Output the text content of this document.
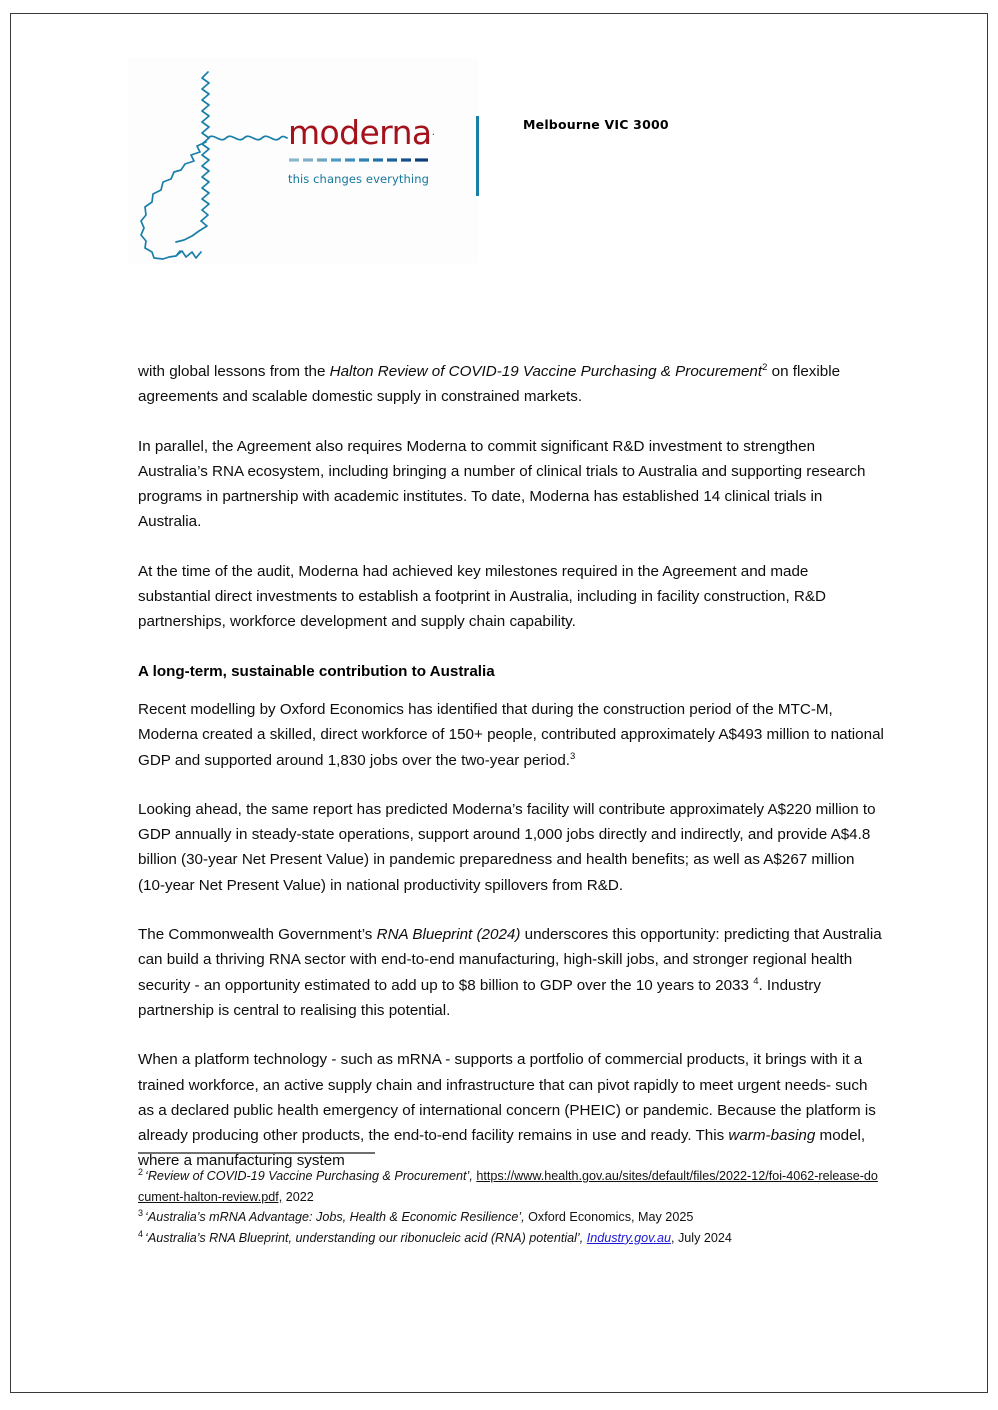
moderna·
this changes everything
Melbourne VIC 3000

with global lessons from the Halton Review of COVID-19 Vaccine Purchasing & Procurement$^2$ on flexible agreements and scalable domestic supply in constrained markets.

In parallel, the Agreement also requires Moderna to commit significant R&D investment to strengthen Australia’s RNA ecosystem, including bringing a number of clinical trials to Australia and supporting research programs in partnership with academic institutes. To date, Moderna has established 14 clinical trials in Australia.

At the time of the audit, Moderna had achieved key milestones required in the Agreement and made substantial direct investments to establish a footprint in Australia, including in facility construction, R&D partnerships, workforce development and supply chain capability.

A long-term, sustainable contribution to Australia

Recent modelling by Oxford Economics has identified that during the construction period of the MTC-M, Moderna created a skilled, direct workforce of 150+ people, contributed approximately A$493 million to national GDP and supported around 1,830 jobs over the two-year period.$^3$

Looking ahead, the same report has predicted Moderna’s facility will contribute approximately A$220 million to GDP annually in steady-state operations, support around 1,000 jobs directly and indirectly, and provide A$4.8 billion (30-year Net Present Value) in pandemic preparedness and health benefits; as well as A$267 million (10-year Net Present Value) in national productivity spillovers from R&D.

The Commonwealth Government’s RNA Blueprint (2024) underscores this opportunity: predicting that Australia can build a thriving RNA sector with end-to-end manufacturing, high-skill jobs, and stronger regional health security - an opportunity estimated to add up to $8 billion to GDP over the 10 years to 2033 $^4$. Industry partnership is central to realising this potential.

When a platform technology - such as mRNA - supports a portfolio of commercial products, it brings with it a trained workforce, an active supply chain and infrastructure that can pivot rapidly to meet urgent needs- such as a declared public health emergency of international concern (PHEIC) or pandemic. Because the platform is already producing other products, the end-to-end facility remains in use and ready. This warm-basing model, where a manufacturing system

$^2$ ‘Review of COVID-19 Vaccine Purchasing & Procurement’, https://www.health.gov.au/sites/default/files/2022-12/foi-4062-release-document-halton-review.pdf, 2022

$^3$ ‘Australia’s mRNA Advantage: Jobs, Health & Economic Resilience’, Oxford Economics, May 2025

$^4$ ‘Australia’s RNA Blueprint, understanding our ribonucleic acid (RNA) potential’, Industry.gov.au, July 2024
